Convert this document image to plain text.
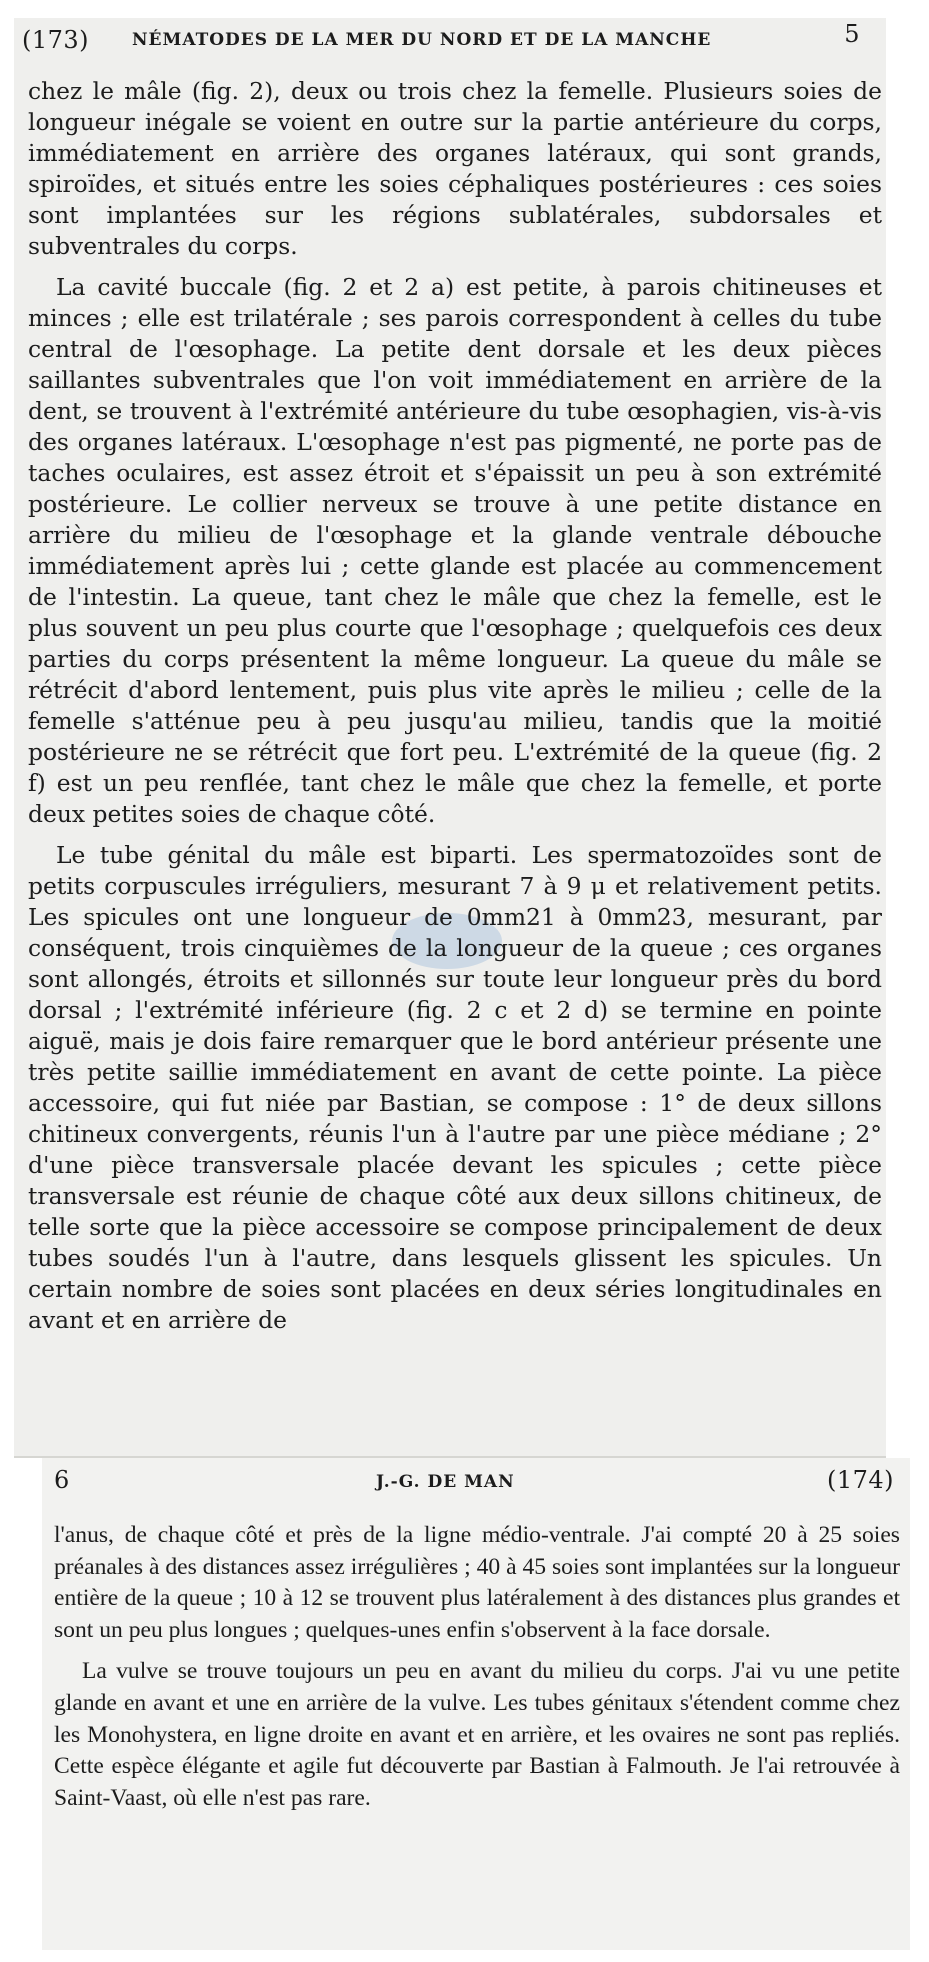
(173)	NÉMATODES DE LA MER DU NORD ET DE LA MANCHE	5

chez le mâle (fig. 2), deux ou trois chez la femelle. Plusieurs soies de longueur inégale se voient en outre sur la partie antérieure du corps, immédiatement en arrière des organes latéraux, qui sont grands, spiroïdes, et situés entre les soies céphaliques postérieures : ces soies sont implantées sur les régions sublatérales, subdorsales et subventrales du corps.

La cavité buccale (fig. 2 et 2 a) est petite, à parois chitineuses et minces ; elle est trilatérale ; ses parois correspondent à celles du tube central de l'œsophage. La petite dent dorsale et les deux pièces saillantes subventrales que l'on voit immédiatement en arrière de la dent, se trouvent à l'extrémité antérieure du tube œsophagien, vis-à-vis des organes latéraux. L'œsophage n'est pas pigmenté, ne porte pas de taches oculaires, est assez étroit et s'épaissit un peu à son extrémité postérieure. Le collier nerveux se trouve à une petite distance en arrière du milieu de l'œsophage et la glande ventrale débouche immédiatement après lui ; cette glande est placée au commencement de l'intestin. La queue, tant chez le mâle que chez la femelle, est le plus souvent un peu plus courte que l'œsophage ; quelquefois ces deux parties du corps présentent la même longueur. La queue du mâle se rétrécit d'abord lentement, puis plus vite après le milieu ; celle de la femelle s'atténue peu à peu jusqu'au milieu, tandis que la moitié postérieure ne se rétrécit que fort peu. L'extrémité de la queue (fig. 2 f) est un peu renflée, tant chez le mâle que chez la femelle, et porte deux petites soies de chaque côté.

Le tube génital du mâle est biparti. Les spermatozoïdes sont de petits corpuscules irréguliers, mesurant 7 à 9 μ et relativement petits. Les spicules ont une longueur de 0mm21 à 0mm23, mesurant, par conséquent, trois cinquièmes de la longueur de la queue ; ces organes sont allongés, étroits et sillonnés sur toute leur longueur près du bord dorsal ; l'extrémité inférieure (fig. 2 c et 2 d) se termine en pointe aiguë, mais je dois faire remarquer que le bord antérieur présente une très petite saillie immédiatement en avant de cette pointe. La pièce accessoire, qui fut niée par Bastian, se compose : 1° de deux sillons chitineux convergents, réunis l'un à l'autre par une pièce médiane ; 2° d'une pièce transversale placée devant les spicules ; cette pièce transversale est réunie de chaque côté aux deux sillons chitineux, de telle sorte que la pièce accessoire se compose principalement de deux tubes soudés l'un à l'autre, dans lesquels glissent les spicules. Un certain nombre de soies sont placées en deux séries longitudinales en avant et en arrière de

6	J.-G. DE MAN	(174)

l'anus, de chaque côté et près de la ligne médio-ventrale. J'ai compté 20 à 25 soies préanales à des distances assez irrégulières ; 40 à 45 soies sont implantées sur la longueur entière de la queue ; 10 à 12 se trouvent plus latéralement à des distances plus grandes et sont un peu plus longues ; quelques-unes enfin s'observent à la face dorsale.

La vulve se trouve toujours un peu en avant du milieu du corps. J'ai vu une petite glande en avant et une en arrière de la vulve. Les tubes génitaux s'étendent comme chez les Monohystera, en ligne droite en avant et en arrière, et les ovaires ne sont pas repliés. Cette espèce élégante et agile fut découverte par Bastian à Falmouth. Je l'ai retrouvée à Saint-Vaast, où elle n'est pas rare.
